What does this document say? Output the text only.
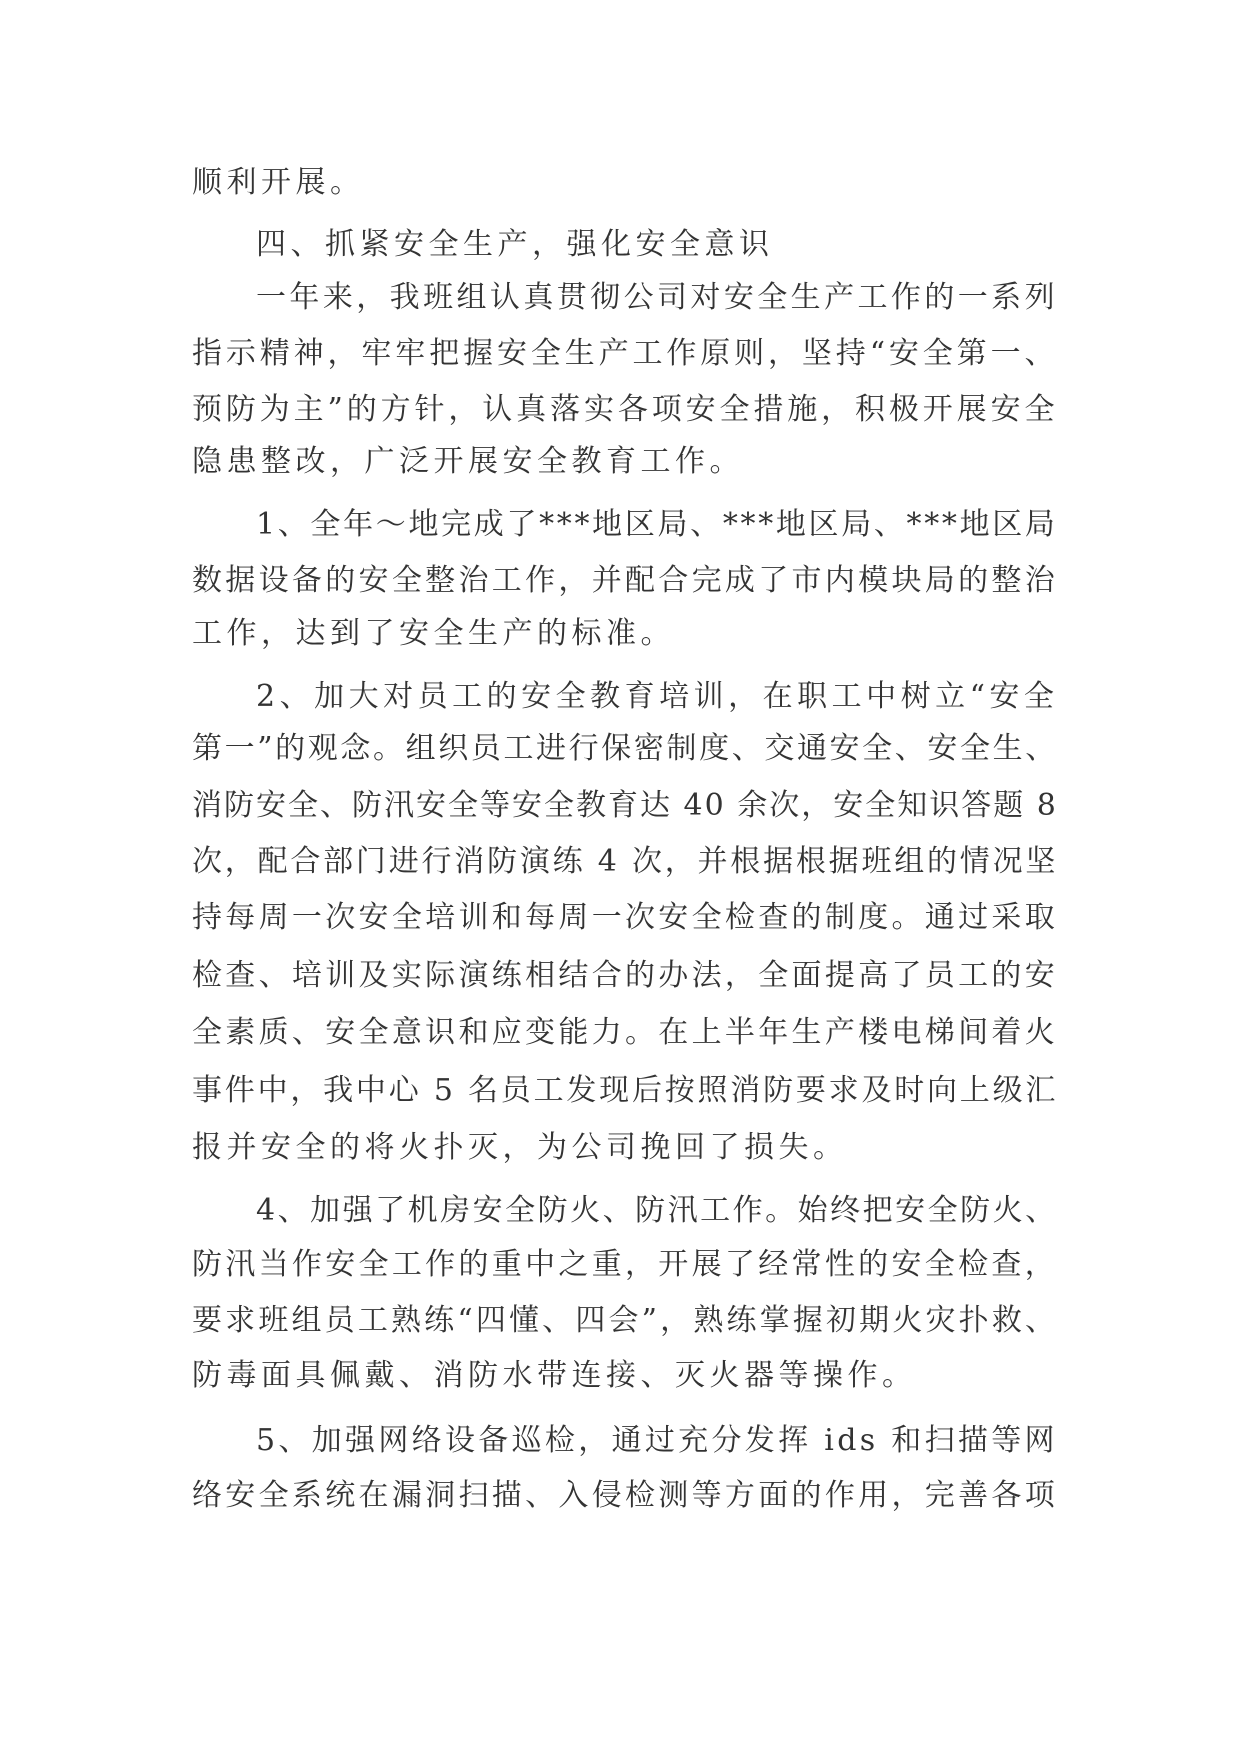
顺利开展。
四、抓紧安全生产，强化安全意识
一年来，我班组认真贯彻公司对安全生产工作的一系列
指示精神，牢牢把握安全生产工作原则，坚持“安全第一、
预防为主”的方针，认真落实各项安全措施，积极开展安全
隐患整改，广泛开展安全教育工作。
1、全年～地完成了***地区局、***地区局、***地区局
数据设备的安全整治工作，并配合完成了市内模块局的整治
工作，达到了安全生产的标准。
2、加大对员工的安全教育培训，在职工中树立“安全
第一”的观念。组织员工进行保密制度、交通安全、安全生、
消防安全、防汛安全等安全教育达 40 余次，安全知识答题 8
次，配合部门进行消防演练 4 次，并根据根据班组的情况坚
持每周一次安全培训和每周一次安全检查的制度。通过采取
检查、培训及实际演练相结合的办法，全面提高了员工的安
全素质、安全意识和应变能力。在上半年生产楼电梯间着火
事件中，我中心 5 名员工发现后按照消防要求及时向上级汇
报并安全的将火扑灭，为公司挽回了损失。
4、加强了机房安全防火、防汛工作。始终把安全防火、
防汛当作安全工作的重中之重，开展了经常性的安全检查，
要求班组员工熟练“四懂、四会”，熟练掌握初期火灾扑救、
防毒面具佩戴、消防水带连接、灭火器等操作。
5、加强网络设备巡检，通过充分发挥 ids 和扫描等网
络安全系统在漏洞扫描、入侵检测等方面的作用，完善各项
